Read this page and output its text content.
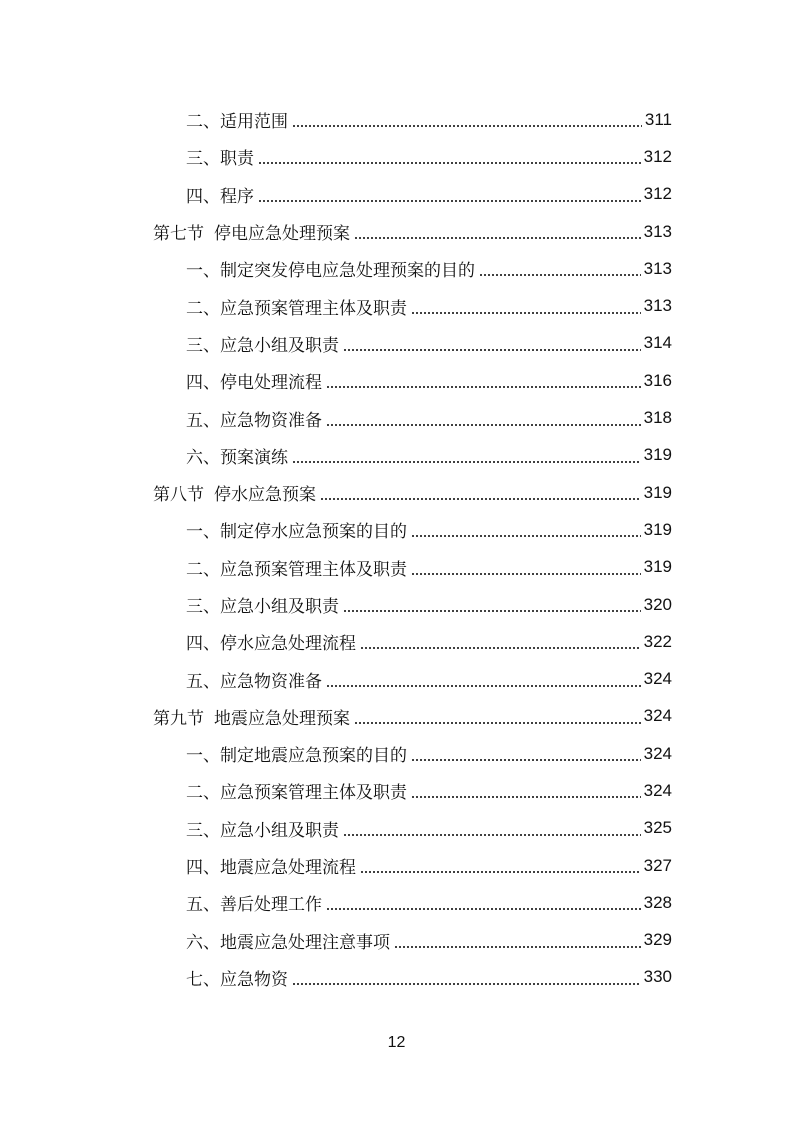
二、适用范围	311
三、职责	312
四、程序	312
第七节 停电应急处理预案	313
一、制定突发停电应急处理预案的目的	313
二、应急预案管理主体及职责	313
三、应急小组及职责	314
四、停电处理流程	316
五、应急物资准备	318
六、预案演练	319
第八节 停水应急预案	319
一、制定停水应急预案的目的	319
二、应急预案管理主体及职责	319
三、应急小组及职责	320
四、停水应急处理流程	322
五、应急物资准备	324
第九节 地震应急处理预案	324
一、制定地震应急预案的目的	324
二、应急预案管理主体及职责	324
三、应急小组及职责	325
四、地震应急处理流程	327
五、善后处理工作	328
六、地震应急处理注意事项	329
七、应急物资	330
12
